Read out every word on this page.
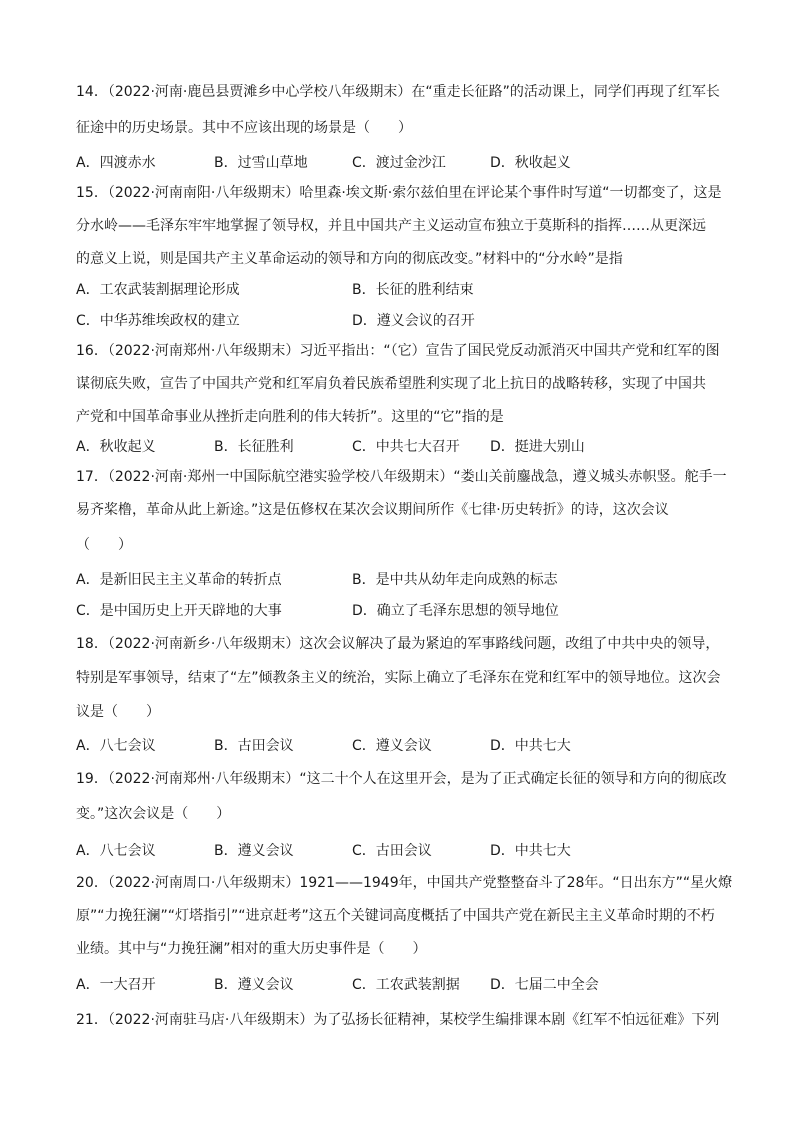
14．（2022·河南·鹿邑县贾滩乡中心学校八年级期末）在“重走长征路”的活动课上，同学们再现了红军长
征途中的历史场景。其中不应该出现的场景是（　　）
A．四渡赤水	B．过雪山草地	C．渡过金沙江	D．秋收起义
15．（2022·河南南阳·八年级期末）哈里森·埃文斯·索尔兹伯里在评论某个事件时写道“一切都变了，这是
分水岭——毛泽东牢牢地掌握了领导权，并且中国共产主义运动宣布独立于莫斯科的指挥……从更深远
的意义上说，则是国共产主义革命运动的领导和方向的彻底改变。”材料中的“分水岭”是指
A．工农武装割据理论形成	B．长征的胜利结束
C．中华苏维埃政权的建立	D．遵义会议的召开
16．（2022·河南郑州·八年级期末）习近平指出：“（它）宣告了国民党反动派消灭中国共产党和红军的图
谋彻底失败，宣告了中国共产党和红军肩负着民族希望胜利实现了北上抗日的战略转移，实现了中国共
产党和中国革命事业从挫折走向胜利的伟大转折”。这里的“它”指的是
A．秋收起义	B．长征胜利	C．中共七大召开 D．挺进大别山
17．（2022·河南·郑州一中国际航空港实验学校八年级期末）“娄山关前鏖战急，遵义城头赤帜竖。舵手一
易齐桨橹，革命从此上新途。”这是伍修权在某次会议期间所作《七律·历史转折》的诗，这次会议
（　　）
A．是新旧民主主义革命的转折点	B．是中共从幼年走向成熟的标志
C．是中国历史上开天辟地的大事	D．确立了毛泽东思想的领导地位
18．（2022·河南新乡·八年级期末）这次会议解决了最为紧迫的军事路线问题，改组了中共中央的领导，
特别是军事领导，结束了“左”倾教条主义的统治，实际上确立了毛泽东在党和红军中的领导地位。这次会
议是（　　）
A．八七会议	B．古田会议	C．遵义会议	D．中共七大
19．（2022·河南郑州·八年级期末）“这二十个人在这里开会，是为了正式确定长征的领导和方向的彻底改
变。”这次会议是（　　）
A．八七会议	B．遵义会议	C．古田会议	D．中共七大
20．（2022·河南周口·八年级期末）1921——1949年，中国共产党整整奋斗了28年。“日出东方”“星火燎
原”“力挽狂澜”“灯塔指引”“进京赶考”这五个关键词高度概括了中国共产党在新民主主义革命时期的不朽
业绩。其中与“力挽狂澜”相对的重大历史事件是（　　）
A．一大召开	B．遵义会议	C．工农武装割据 D．七届二中全会
21．（2022·河南驻马店·八年级期末）为了弘扬长征精神，某校学生编排课本剧《红军不怕远征难》下列
